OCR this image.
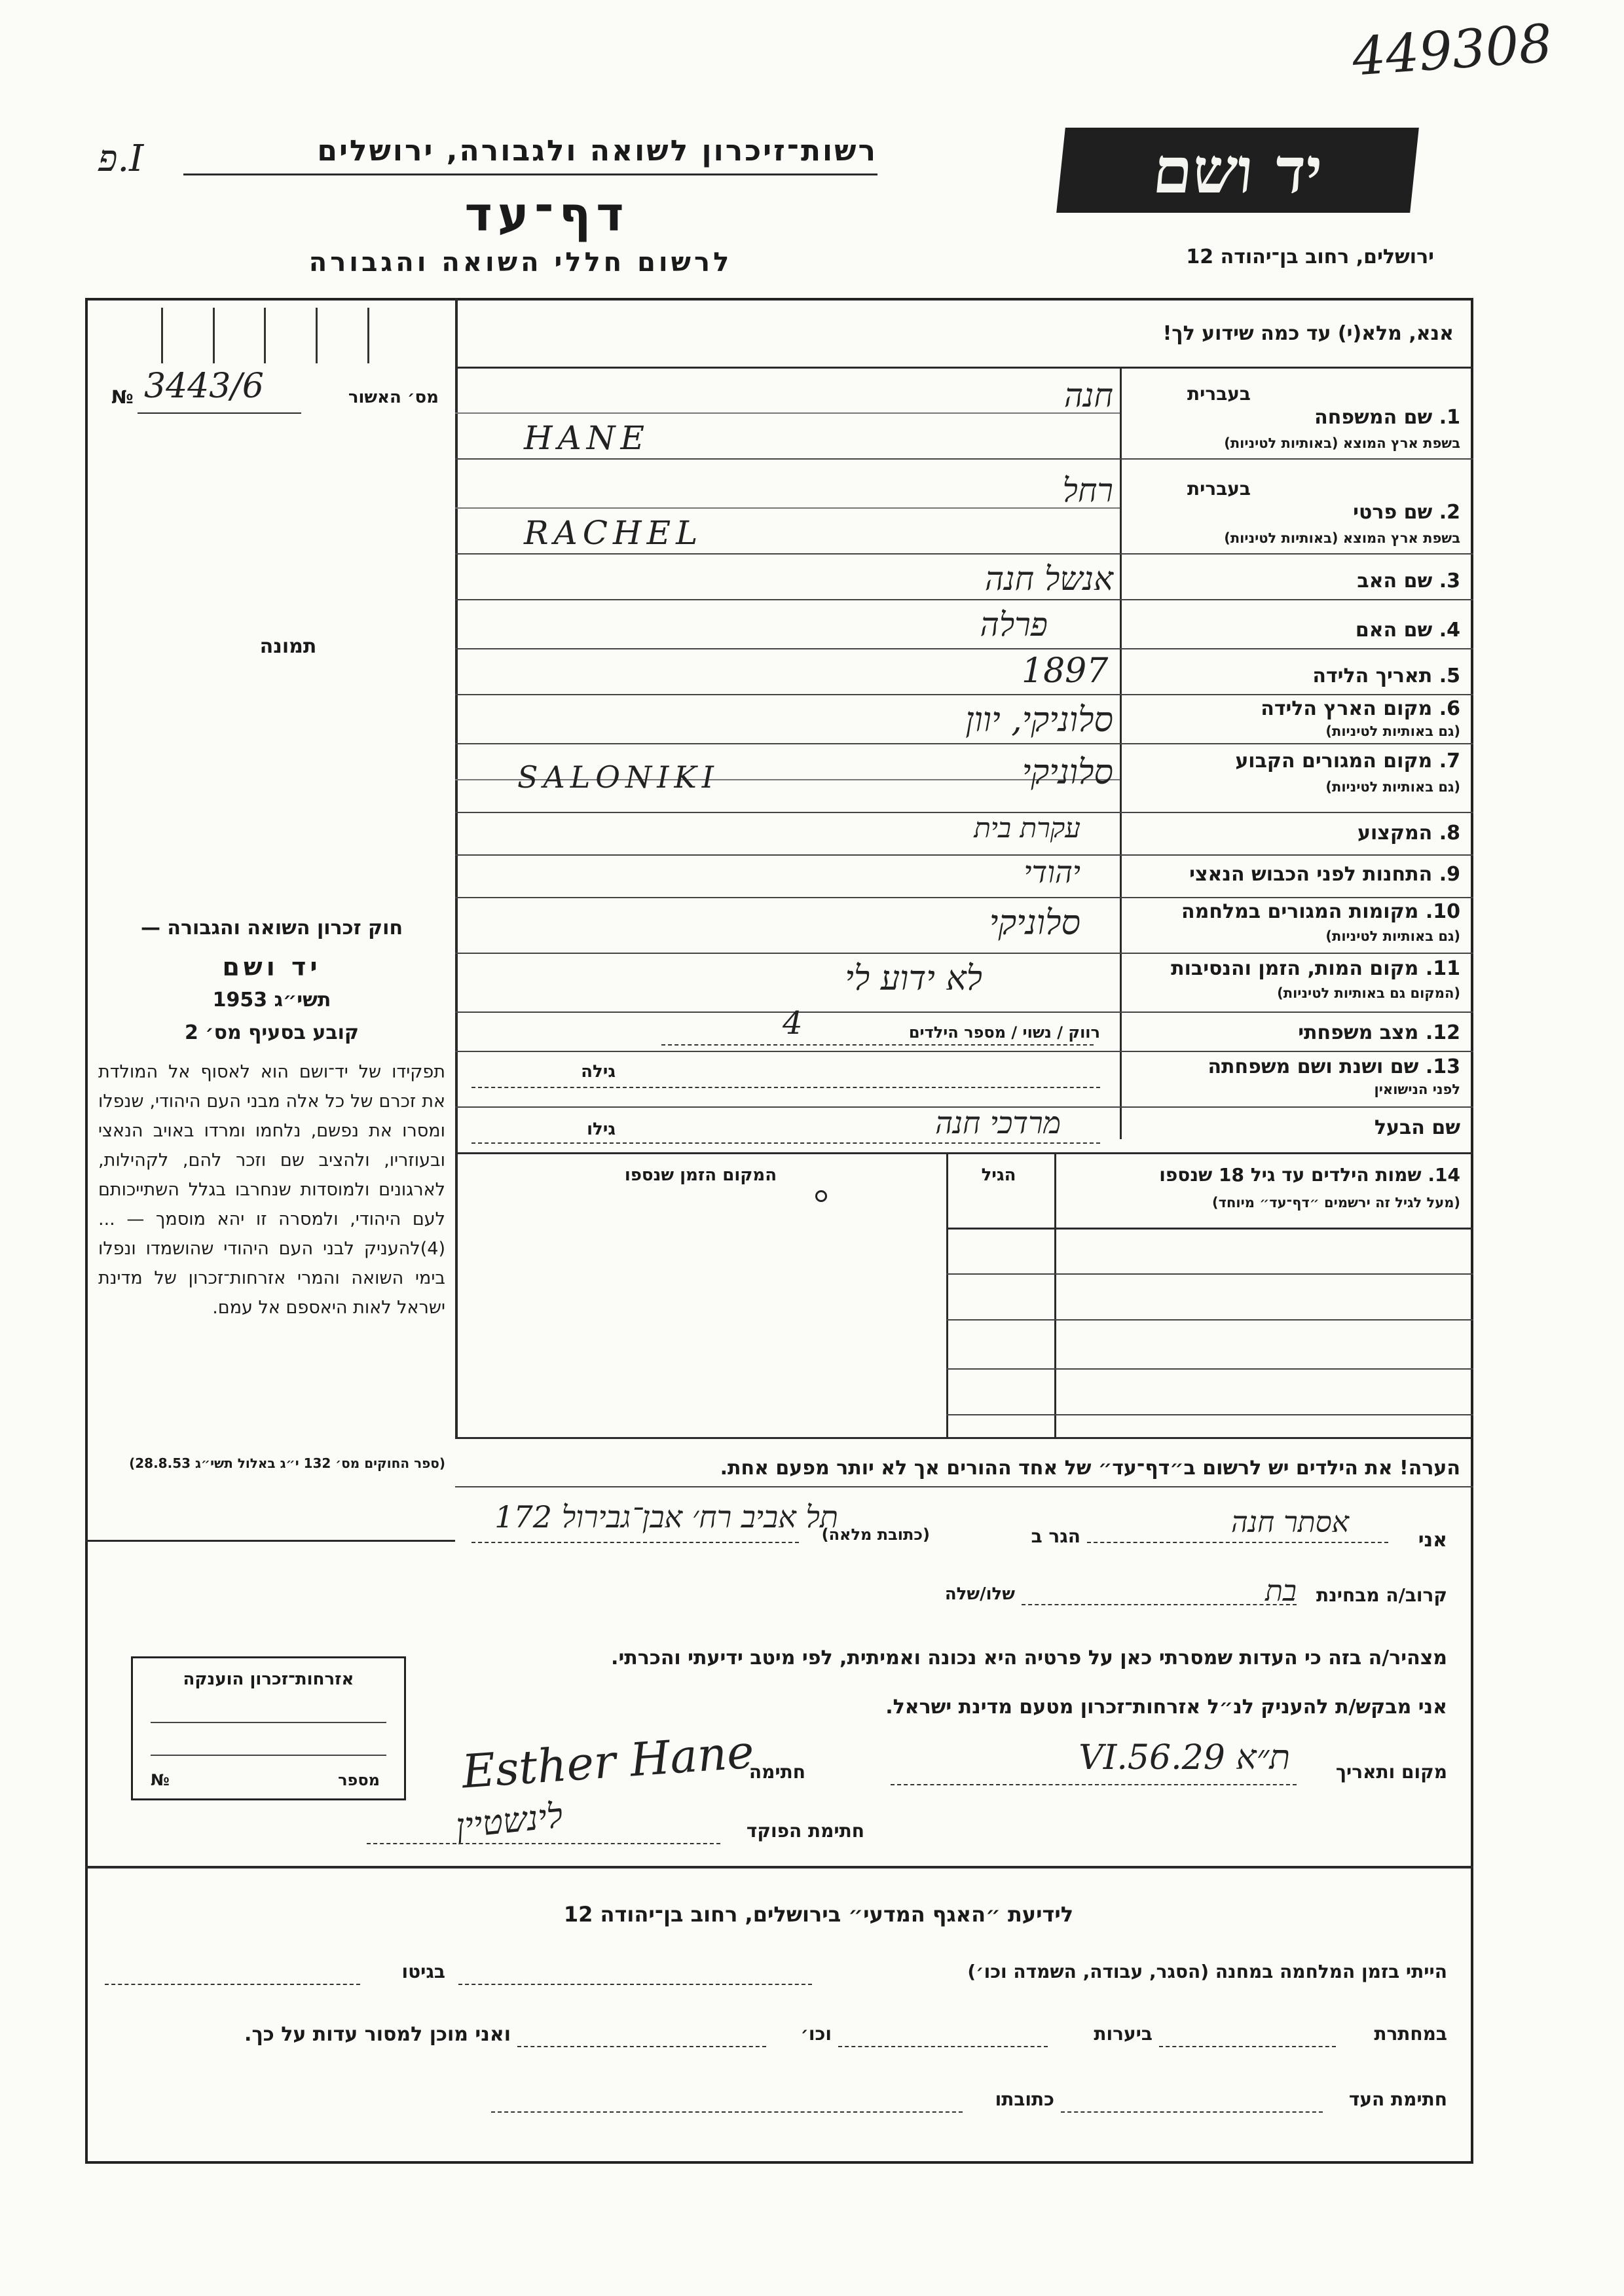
449308
רשות־זיכרון לשואה ולגבורה, ירושלים
פ.I
דף־עד
לרשום חללי השואה והגבורה
יד ושם
ירושלים, רחוב בן־יהודה 12
№ 3443/6	מס׳ האשור
תמונה
חוק זכרון השואה והגבורה —
יד ושם
תשי״ג 1953
קובע בסעיף מס׳ 2
תפקידו של יד־ושם הוא לאסוף אל המולדת את זכרם של כל אלה מבני העם היהודי, שנפלו ומסרו את נפשם, נלחמו ומרדו באויב הנאצי ובעוזריו, ולהציב שם וזכר להם, לקהילות, לארגונים ולמוסדות שנחרבו בגלל השתייכותם לעם היהודי, ולמסרה זו יהא מוסמך — ...(4)להעניק לבני העם היהודי שהושמדו ונפלו בימי השואה והמרי אזרחות־זכרון של מדינת ישראל לאות היאספם אל עמם.
(ספר החוקים מס׳ 132 י״ג באלול תשי״ג 28.8.53)
אנא, מלא(י) עד כמה שידוע לך!
בעברית
1. שם המשפחה
בשפת ארץ המוצא (באותיות לטיניות)
חנה
HANE
בעברית
2. שם פרטי
בשפת ארץ המוצא (באותיות לטיניות)
רחל
RACHEL
3. שם האב
אנשל חנה
4. שם האם
פרלה
5. תאריך הלידה
1897
6. מקום הארץ הלידה
(גם באותיות לטיניות)
סלוניקי, יוון
7. מקום המגורים הקבוע
(גם באותיות לטיניות)
SALONIKI	סלוניקי
8. המקצוע
עקרת בית
9. התחנות לפני הכבוש הנאצי
יהודי
10. מקומות המגורים במלחמה
(גם באותיות לטיניות)
סלוניקי
11. מקום המות, הזמן והנסיבות
(המקום גם באותיות לטיניות)
לא ידוע לי
12. מצב משפחתי
רווק / נשוי / מספר הילדים
4
13. שם ושנת ושם משפחתה
לפני הנישואין
גילה
שם הבעל
גילו	מרדכי חנה
14. שמות הילדים עד גיל 18 שנספו
(מעל לגיל זה ירשמים ״דף־עד״ מיוחד)
הגיל
המקום הזמן שנספו
הערה! את הילדים יש לרשום ב״דף־עד״ של אחד ההורים אך לא יותר מפעם אחת.
אני
אסתר חנה
הגר ב
(כתובת מלאה)
תל אביב רח׳ אבן־גבירול 172
קרוב/ה מבחינת
בת
שלו/שלה
מצהיר/ה בזה כי העדות שמסרתי כאן על פרטיה היא נכונה ואמיתית, לפי מיטב ידיעתי והכרתי.
אני מבקש/ת להעניק לנ״ל אזרחות־זכרון מטעם מדינת ישראל.
מקום ותאריך
ת״א 29.VI.56
חתימה
Esther Hane
חתימת הפוקד
לינשטיין
אזרחות־זכרון הוענקה
מספר
№
לידיעת ״האגף המדעי״ בירושלים, רחוב בן־יהודה 12
הייתי בזמן המלחמה במחנה (הסגר, עבודה, השמדה וכו׳)
בגיטו
במחתרת
ביערות
וכו׳
ואני מוכן למסור עדות על כך.
חתימת העד
כתובתו
